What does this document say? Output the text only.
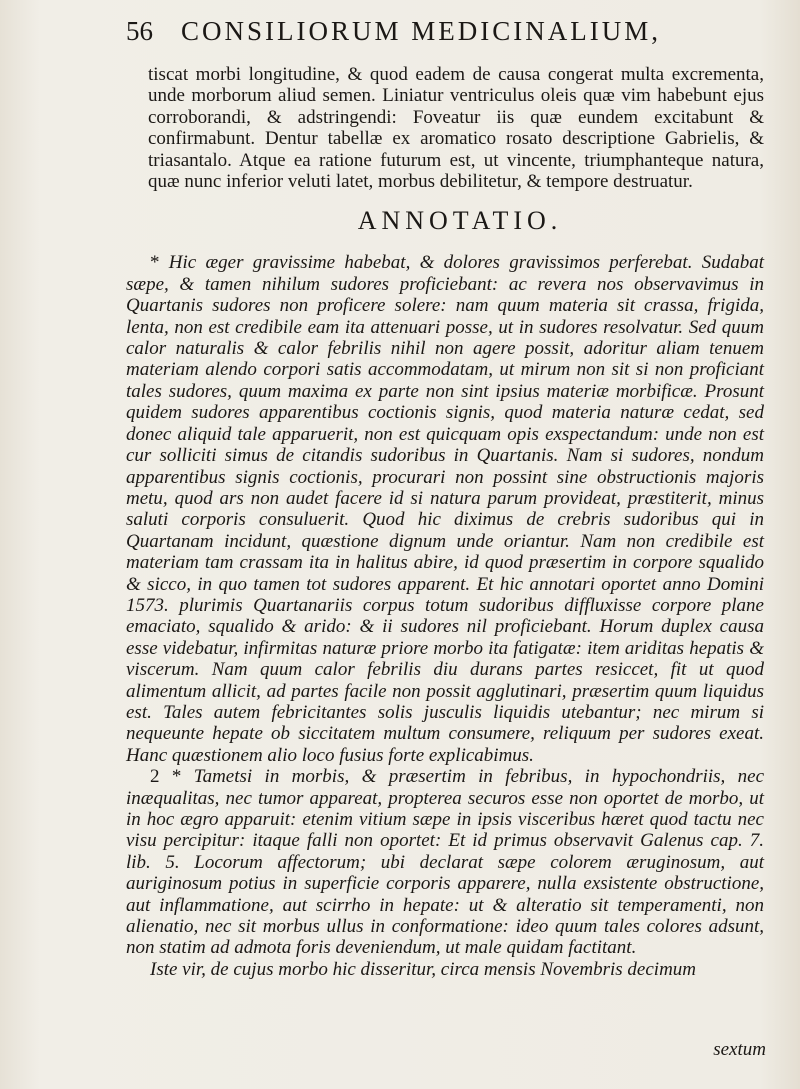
56 CONSILIORUM MEDICINALIUM,

tiscat morbi longitudine, & quod eadem de causa congerat multa excrementa, unde morborum aliud semen. Liniatur ventriculus oleis quæ vim habebunt ejus corroborandi, & adstringendi: Foveatur iis quæ eundem excitabunt & confirmabunt. Dentur tabellæ ex aromatico rosato descriptione Gabrielis, & triasantalo. Atque ea ratione futurum est, ut vincente, triumphanteque natura, quæ nunc inferior veluti latet, morbus debilitetur, & tempore destruatur.

ANNOTATIO.

* Hic æger gravissime habebat, & dolores gravissimos perferebat. Sudabat sæpe, & tamen nihilum sudores proficiebant: ac revera nos observavimus in Quartanis sudores non proficere solere: nam quum materia sit crassa, frigida, lenta, non est credibile eam ita attenuari posse, ut in sudores resolvatur. Sed quum calor naturalis & calor febrilis nihil non agere possit, adoritur aliam tenuem materiam alendo corpori satis accommodatam, ut mirum non sit si non proficiant tales sudores, quum maxima ex parte non sint ipsius materiæ morbificæ. Prosunt quidem sudores apparentibus coctionis signis, quod materia naturæ cedat, sed donec aliquid tale apparuerit, non est quicquam opis exspectandum: unde non est cur solliciti simus de citandis sudoribus in Quartanis. Nam si sudores, nondum apparentibus signis coctionis, procurari non possint sine obstructionis majoris metu, quod ars non audet facere id si natura parum provideat, præstiterit, minus saluti corporis consuluerit. Quod hic diximus de crebris sudoribus qui in Quartanam incidunt, quæstione dignum unde oriantur. Nam non credibile est materiam tam crassam ita in halitus abire, id quod præsertim in corpore squalido & sicco, in quo tamen tot sudores apparent. Et hic annotari oportet anno Domini 1573. plurimis Quartanariis corpus totum sudoribus diffluxisse corpore plane emaciato, squalido & arido: & ii sudores nil proficiebant. Horum duplex causa esse videbatur, infirmitas naturæ priore morbo ita fatigatæ: item ariditas hepatis & viscerum. Nam quum calor febrilis diu durans partes resiccet, fit ut quod alimentum allicit, ad partes facile non possit agglutinari, præsertim quum liquidus est. Tales autem febricitantes solis jusculis liquidis utebantur; nec mirum si nequeunte hepate ob siccitatem multum consumere, reliquum per sudores exeat. Hanc quæstionem alio loco fusius forte explicabimus.

2 * Tametsi in morbis, & præsertim in febribus, in hypochondriis, nec inæqualitas, nec tumor appareat, propterea securos esse non oportet de morbo, ut in hoc ægro apparuit: etenim vitium sæpe in ipsis visceribus hæret quod tactu nec visu percipitur: itaque falli non oportet: Et id primus observavit Galenus cap. 7. lib. 5. Locorum affectorum; ubi declarat sæpe colorem æruginosum, aut auriginosum potius in superficie corporis apparere, nulla exsistente obstructione, aut inflammatione, aut scirrho in hepate: ut & alteratio sit temperamenti, non alienatio, nec sit morbus ullus in conformatione: ideo quum tales colores adsunt, non statim ad admota foris deveniendum, ut male quidam factitant.

Iste vir, de cujus morbo hic disseritur, circa mensis Novembris decimum

sextum
